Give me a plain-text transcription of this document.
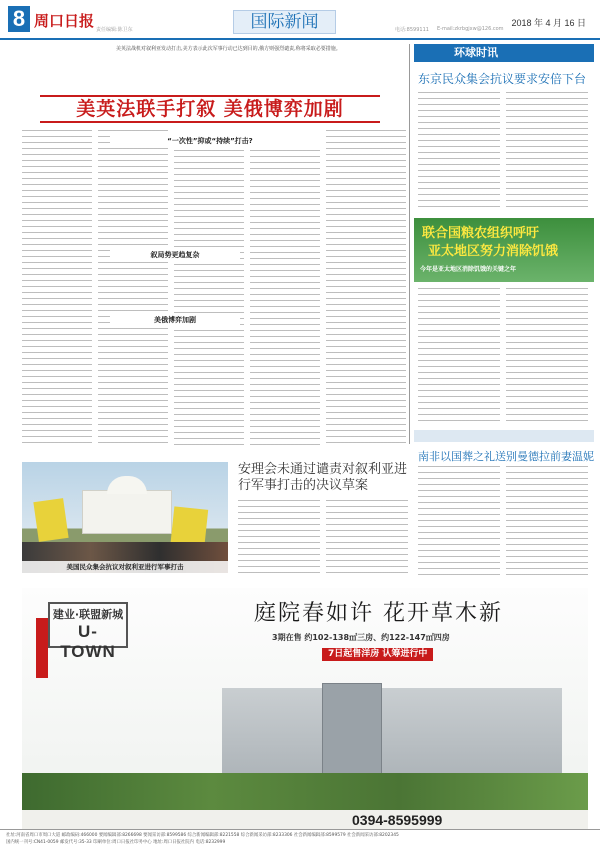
8 周口日报 责任编辑:陈卫东	国际新闻	电话:8599111 E-mail:zkrbgjxw@126.com
2018 年 4 月 16 日
美英法战机对叙利亚发动打击,美方表示此次军事行动已达到目的,俄方则强烈谴责,称将采取必要措施。
美英法联手打叙 美俄博弈加剧
“一次性”抑或“持续”打击?
叙局势更趋复杂
美俄博弈加剧
环球时讯
东京民众集会抗议要求安倍下台
联合国粮农组织呼吁
亚太地区努力消除饥饿
今年是亚太地区消除饥饿的关键之年
南非以国葬之礼送别曼德拉前妻温妮
美国民众集会抗议对叙利亚进行军事打击
安理会未通过谴责对叙利亚进行军事打击的决议草案
建业·联盟新城
U-TOWN
庭院春如许 花开草木新
3期在售 约102-138㎡三房、约122-147㎡四房
7日起售洋房 认筹进行中
0394-8595999
社址:河南省周口市周口大道 邮政编码:466000 要闻编辑部:8266698 要闻采访部:8599586 综合新闻编辑部:8221558 综合新闻采访部:8233306 社会新闻编辑部:8599579 社会新闻采访部:8202345
国内统一刊号:CN41-0059 邮发代号:35-33 印刷单位:周口日报社印务中心 地址:周口日报社院内 电话:8232999
